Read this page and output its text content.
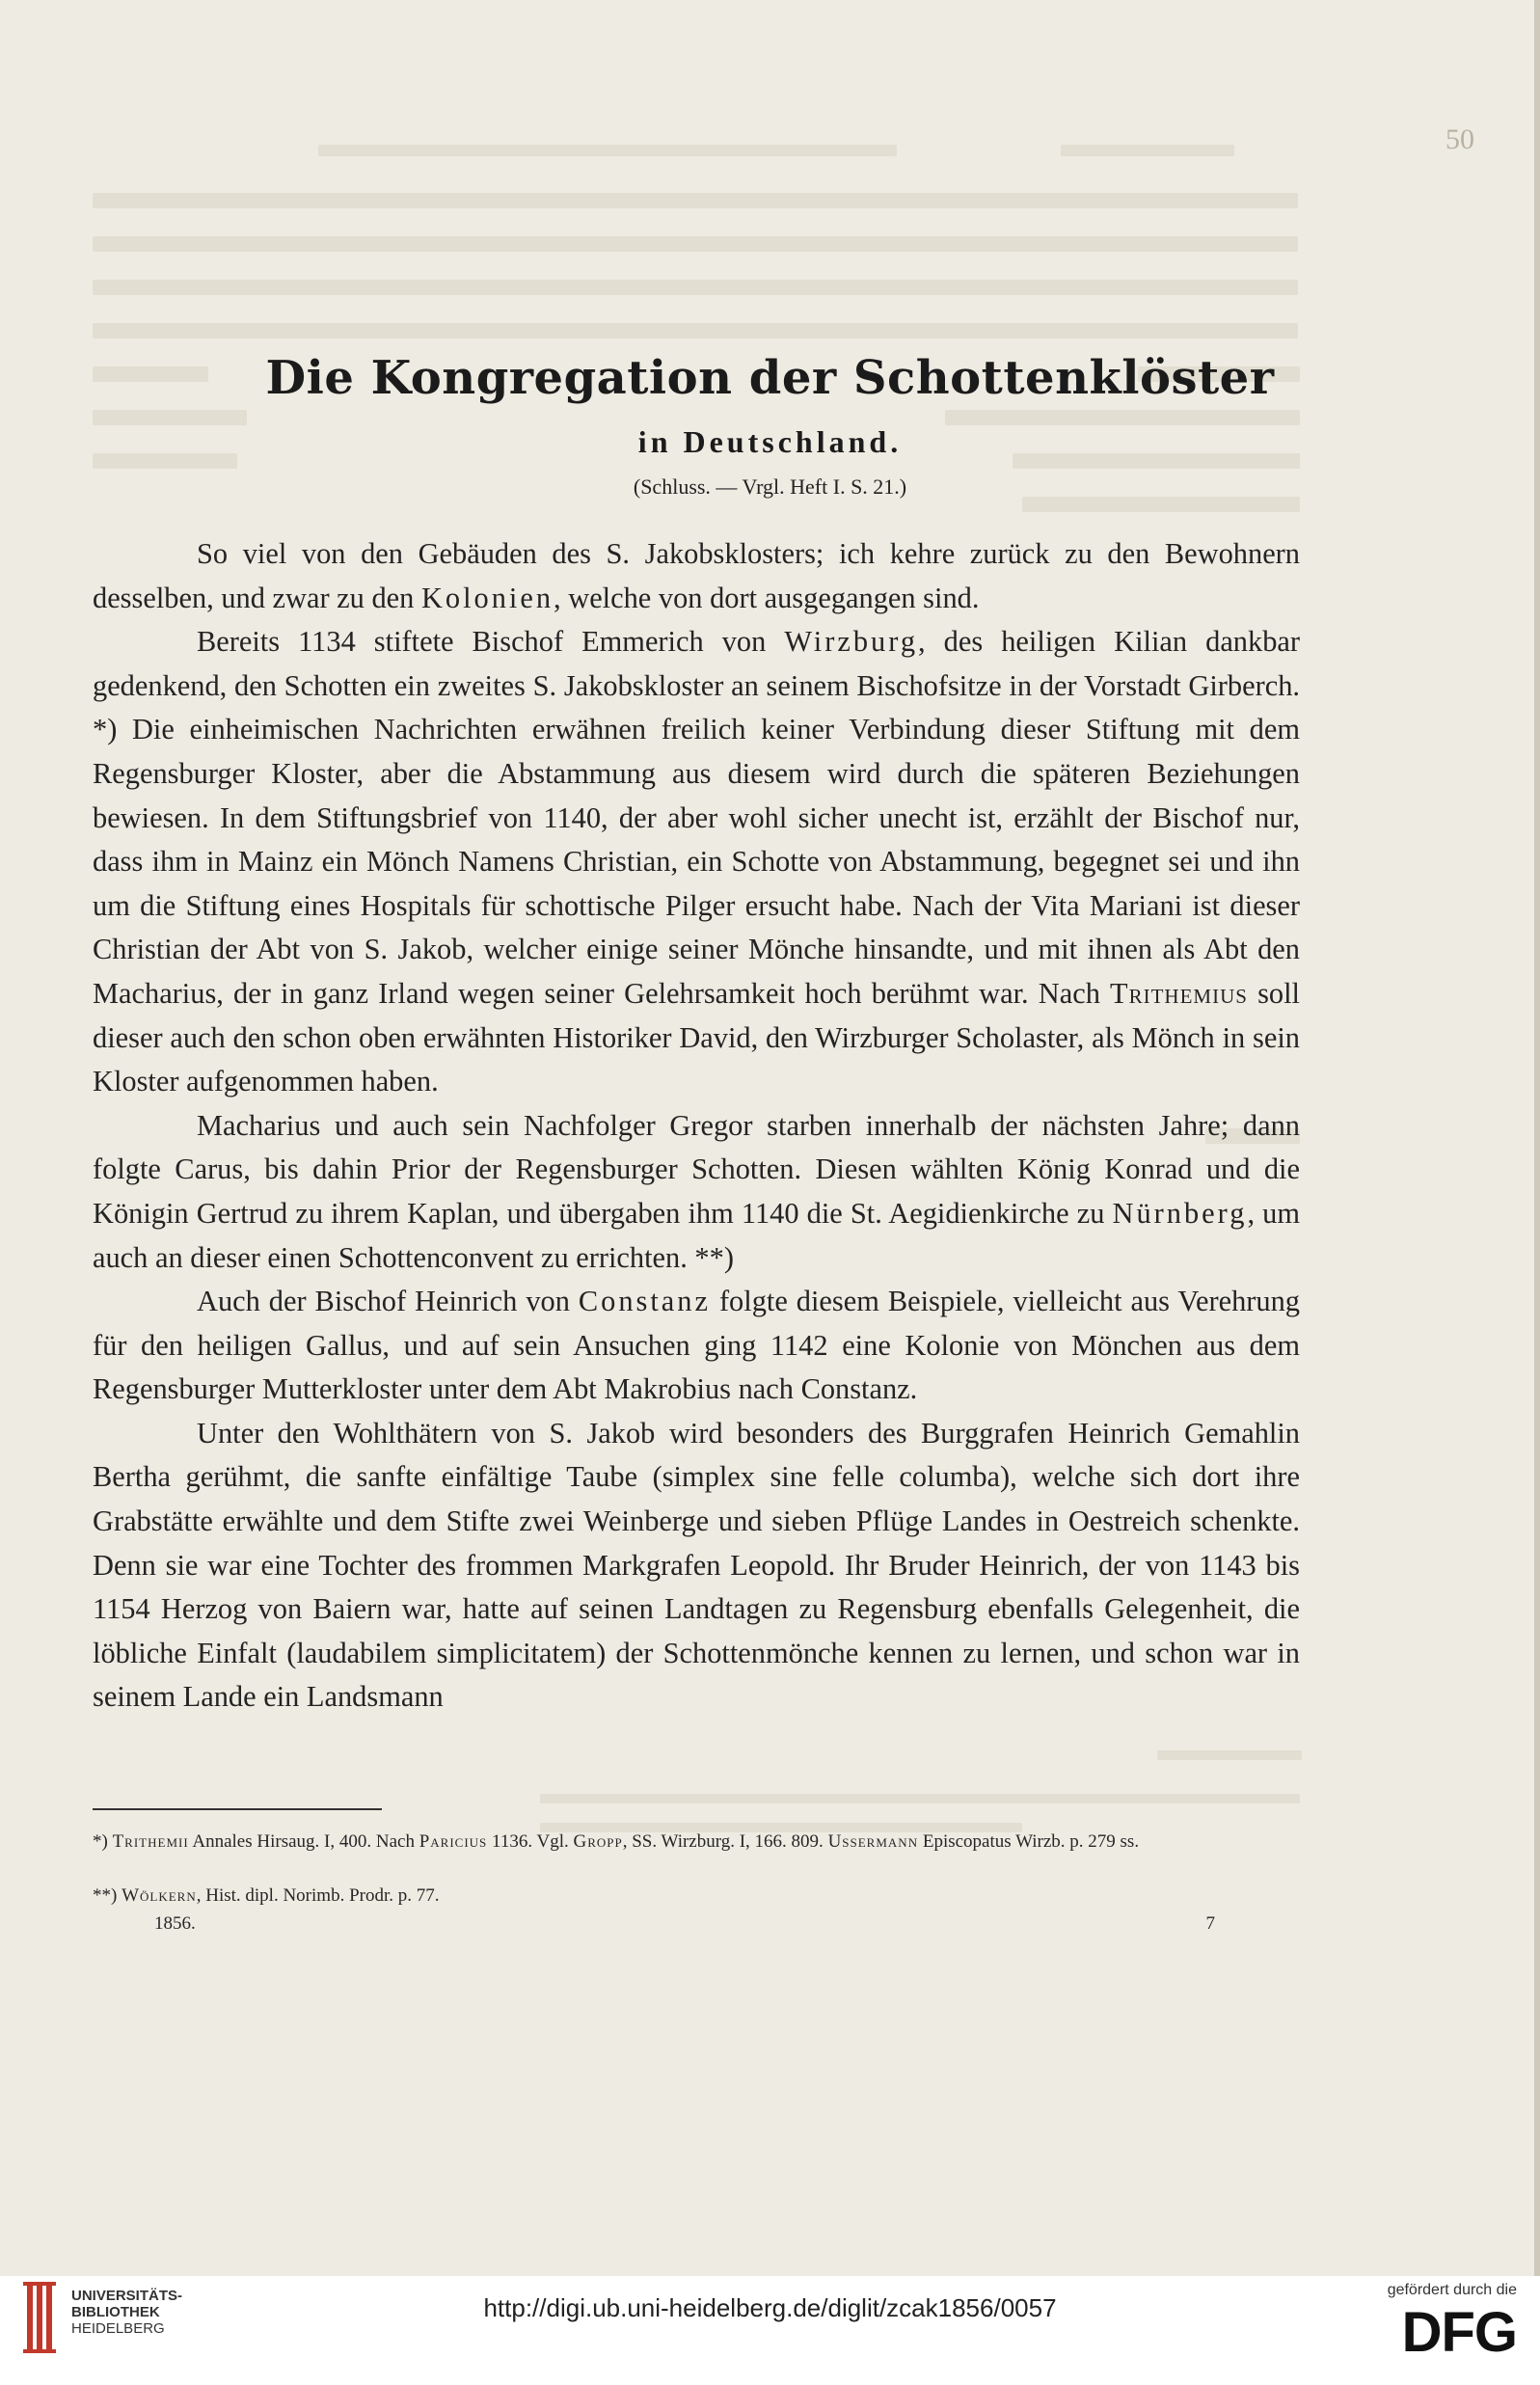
50
Die Kongregation der Schottenklöster
in Deutschland.
(Schluss. — Vrgl. Heft I. S. 21.)

So viel von den Gebäuden des S. Jakobsklosters; ich kehre zurück zu den Bewohnern desselben, und zwar zu den Kolonien, welche von dort ausgegangen sind.

Bereits 1134 stiftete Bischof Emmerich von Wirzburg, des heiligen Kilian dankbar gedenkend, den Schotten ein zweites S. Jakobskloster an seinem Bischofsitze in der Vorstadt Girberch. *) Die einheimischen Nachrichten erwähnen freilich keiner Verbindung dieser Stiftung mit dem Regensburger Kloster, aber die Abstammung aus diesem wird durch die späteren Beziehungen bewiesen. In dem Stiftungsbrief von 1140, der aber wohl sicher unecht ist, erzählt der Bischof nur, dass ihm in Mainz ein Mönch Namens Christian, ein Schotte von Abstammung, begegnet sei und ihn um die Stiftung eines Hospitals für schottische Pilger ersucht habe. Nach der Vita Mariani ist dieser Christian der Abt von S. Jakob, welcher einige seiner Mönche hinsandte, und mit ihnen als Abt den Macharius, der in ganz Irland wegen seiner Gelehrsamkeit hoch berühmt war. Nach Trithemius soll dieser auch den schon oben erwähnten Historiker David, den Wirzburger Scholaster, als Mönch in sein Kloster aufgenommen haben.

Macharius und auch sein Nachfolger Gregor starben innerhalb der nächsten Jahre; dann folgte Carus, bis dahin Prior der Regensburger Schotten. Diesen wählten König Konrad und die Königin Gertrud zu ihrem Kaplan, und übergaben ihm 1140 die St. Aegidienkirche zu Nürnberg, um auch an dieser einen Schottenconvent zu errichten. **)

Auch der Bischof Heinrich von Constanz folgte diesem Beispiele, vielleicht aus Verehrung für den heiligen Gallus, und auf sein Ansuchen ging 1142 eine Kolonie von Mönchen aus dem Regensburger Mutterkloster unter dem Abt Makrobius nach Constanz.

Unter den Wohlthätern von S. Jakob wird besonders des Burggrafen Heinrich Gemahlin Bertha gerühmt, die sanfte einfältige Taube (simplex sine felle columba), welche sich dort ihre Grabstätte erwählte und dem Stifte zwei Weinberge und sieben Pflüge Landes in Oestreich schenkte. Denn sie war eine Tochter des frommen Markgrafen Leopold. Ihr Bruder Heinrich, der von 1143 bis 1154 Herzog von Baiern war, hatte auf seinen Landtagen zu Regensburg ebenfalls Gelegenheit, die löbliche Einfalt (laudabilem simplicitatem) der Schottenmönche kennen zu lernen, und schon war in seinem Lande ein Landsmann

*) Trithemii Annales Hirsaug. I, 400. Nach Paricius 1136. Vgl. Gropp, SS. Wirzburg. I, 166. 809. Ussermann Episcopatus Wirzb. p. 279 ss.

**) Wölkern, Hist. dipl. Norimb. Prodr. p. 77.

1856.	7
UNIVERSITÄTS-
BIBLIOTHEK
HEIDELBERG
http://digi.ub.uni-heidelberg.de/diglit/zcak1856/0057
gefördert durch die
DFG
